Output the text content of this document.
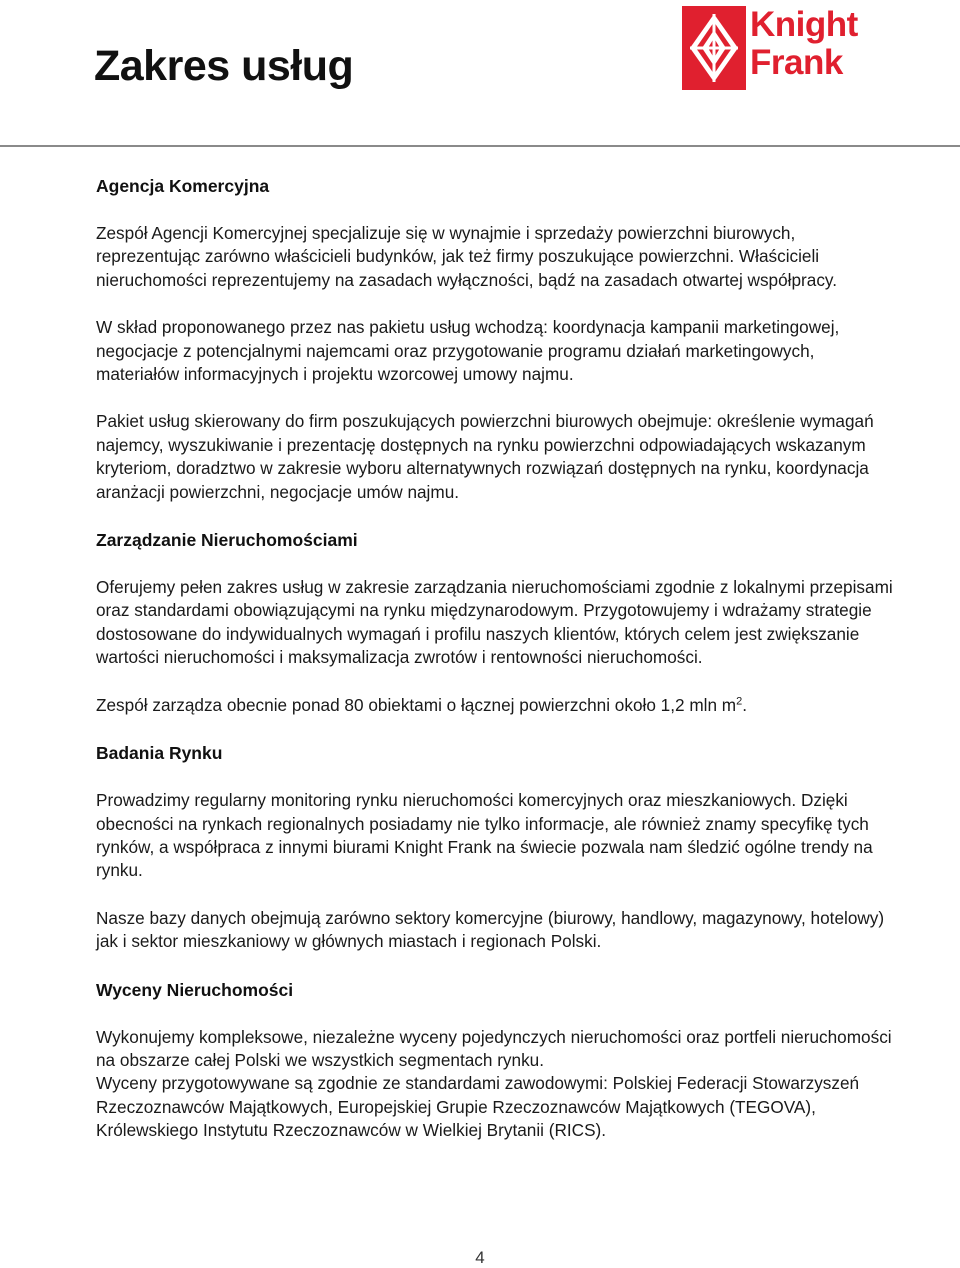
Zakres usług
Knight
Frank
Agencja Komercyjna

Zespół Agencji Komercyjnej specjalizuje się w wynajmie i sprzedaży powierzchni biurowych, reprezentując zarówno właścicieli budynków, jak też firmy poszukujące powierzchni. Właścicieli nieruchomości reprezentujemy na zasadach wyłączności, bądź na zasadach otwartej współpracy.

W skład proponowanego przez nas pakietu usług wchodzą: koordynacja kampanii marketingowej, negocjacje z potencjalnymi najemcami oraz przygotowanie programu działań marketingowych, materiałów informacyjnych i projektu wzorcowej umowy najmu.

Pakiet usług skierowany do firm poszukujących powierzchni biurowych obejmuje: określenie wymagań najemcy, wyszukiwanie i prezentację dostępnych na rynku powierzchni odpowiadających wskazanym kryteriom, doradztwo w zakresie wyboru alternatywnych rozwiązań dostępnych na rynku, koordynacja aranżacji powierzchni, negocjacje umów najmu.

Zarządzanie Nieruchomościami

Oferujemy pełen zakres usług w zakresie zarządzania nieruchomościami zgodnie z lokalnymi przepisami oraz standardami obowiązującymi na rynku międzynarodowym. Przygotowujemy i wdrażamy strategie dostosowane do indywidualnych wymagań i profilu naszych klientów, których celem jest zwiększanie wartości nieruchomości i maksymalizacja zwrotów i rentowności nieruchomości.

Zespół zarządza obecnie ponad 80 obiektami o łącznej powierzchni około 1,2 mln $m^2$.

Badania Rynku

Prowadzimy regularny monitoring rynku nieruchomości komercyjnych oraz mieszkaniowych. Dzięki obecności na rynkach regionalnych posiadamy nie tylko informacje, ale również znamy specyfikę tych rynków, a współpraca z innymi biurami Knight Frank na świecie pozwala nam śledzić ogólne trendy na rynku.

Nasze bazy danych obejmują zarówno sektory komercyjne (biurowy, handlowy, magazynowy, hotelowy) jak i sektor mieszkaniowy w głównych miastach i regionach Polski.

Wyceny Nieruchomości

Wykonujemy kompleksowe, niezależne wyceny pojedynczych nieruchomości oraz portfeli nieruchomości na obszarze całej Polski we wszystkich segmentach rynku.

Wyceny przygotowywane są zgodnie ze standardami zawodowymi: Polskiej Federacji Stowarzyszeń Rzeczoznawców Majątkowych, Europejskiej Grupie Rzeczoznawców Majątkowych (TEGOVA), Królewskiego Instytutu Rzeczoznawców w Wielkiej Brytanii (RICS).

4
